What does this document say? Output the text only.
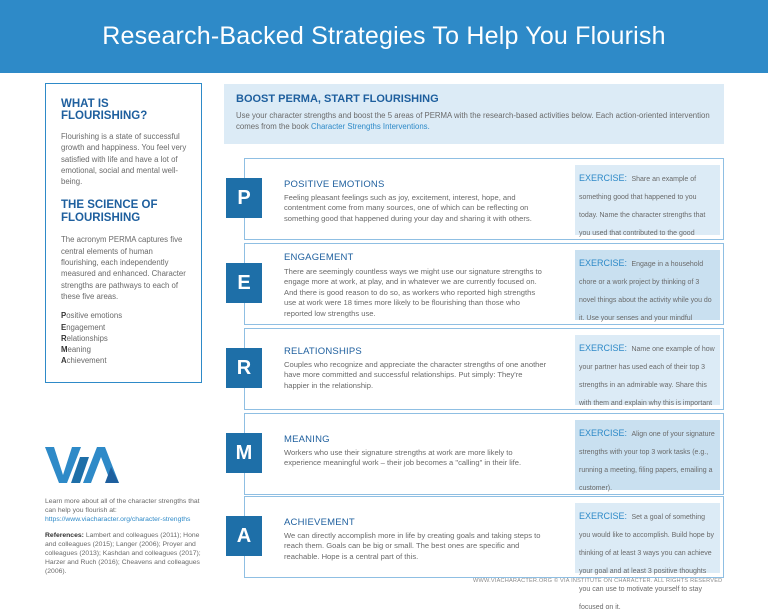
Research-Backed Strategies To Help You Flourish
WHAT IS FLOURISHING?
Flourishing is a state of successful growth and happiness. You feel very satisfied with life and have a lot of emotional, social and mental well-being.
THE SCIENCE OF FLOURISHING
The acronym PERMA captures five central elements of human flourishing, each independently measured and enhanced. Character strengths are pathways to each of these five areas.
Positive emotions
Engagement
Relationships
Meaning
Achievement
Learn more about all of the character strengths that can help you flourish at:
https://www.viacharacter.org/character-strengths
References: Lambert and colleagues (2011); Hone and colleagues (2015); Langer (2006); Proyer and colleagues (2013); Kashdan and colleagues (2017); Harzer and Ruch (2016); Cheavens and colleagues (2006).
BOOST PERMA, START FLOURISHING

Use your character strengths and boost the 5 areas of PERMA with the research-based activities below. Each action-oriented intervention comes from the book Character Strengths Interventions.

POSITIVE EMOTIONS
Feeling pleasant feelings such as joy, excitement, interest, hope, and contentment come from many sources, one of which can be reflecting on something good that happened during your day and sharing it with others.
EXERCISE: Share an example of something good that happened to you today. Name the character strengths that you used that contributed to the good
P
ENGAGEMENT
There are seemingly countless ways we might use our signature strengths to engage more at work, at play, and in whatever we are currently focused on. And there is good reason to do so, as workers who reported high strengths use at work were 18 times more likely to be flourishing than those who reported low strengths use.
EXERCISE: Engage in a household chore or a work project by thinking of 3 novel things about the activity while you do it. Use your senses and your mindful
E
RELATIONSHIPS
Couples who recognize and appreciate the character strengths of one another have more committed and successful relationships. Put simply: They're happier in the relationship.
EXERCISE: Name one example of how your partner has used each of their top 3 strengths in an admirable way. Share this with them and explain why this is important
R
MEANING
Workers who use their signature strengths at work are more likely to experience meaningful work – their job becomes a "calling" in their life.
EXERCISE: Align one of your signature strengths with your top 3 work tasks (e.g., running a meeting, filing papers, emailing a customer).
M
ACHIEVEMENT
We can directly accomplish more in life by creating goals and taking steps to reach them. Goals can be big or small. The best ones are specific and reachable. Hope is a central part of this.
EXERCISE: Set a goal of something you would like to accomplish. Build hope by thinking of at least 3 ways you can achieve your goal and at least 3 positive thoughts you can use to motivate yourself to stay focused on it.
A
WWW.VIACHARACTER.ORG © VIA INSTITUTE ON CHARACTER. ALL RIGHTS RESERVED
